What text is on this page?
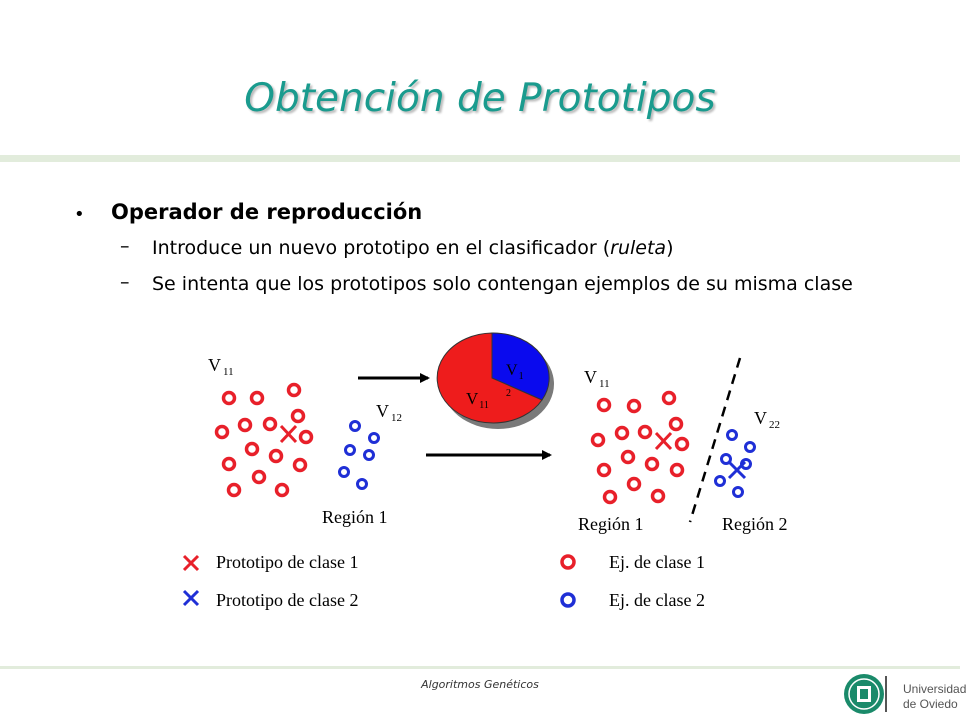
Obtención de Prototipos
• Operador de reproducción
– Introduce un nuevo prototipo en el clasificador (ruleta)
– Se intenta que los prototipos solo contengan ejemplos de su misma clase
V $_{11}$
V $_{12}$
Región 1
$V_{11}$
$V_1$
2
V $_{11}$
V $_{22}$
Región 1	Región 2
Prototipo de clase 1
Prototipo de clase 2
Ej. de clase 1
Ej. de clase 2
Algoritmos Genéticos	Universidad
de Oviedo
